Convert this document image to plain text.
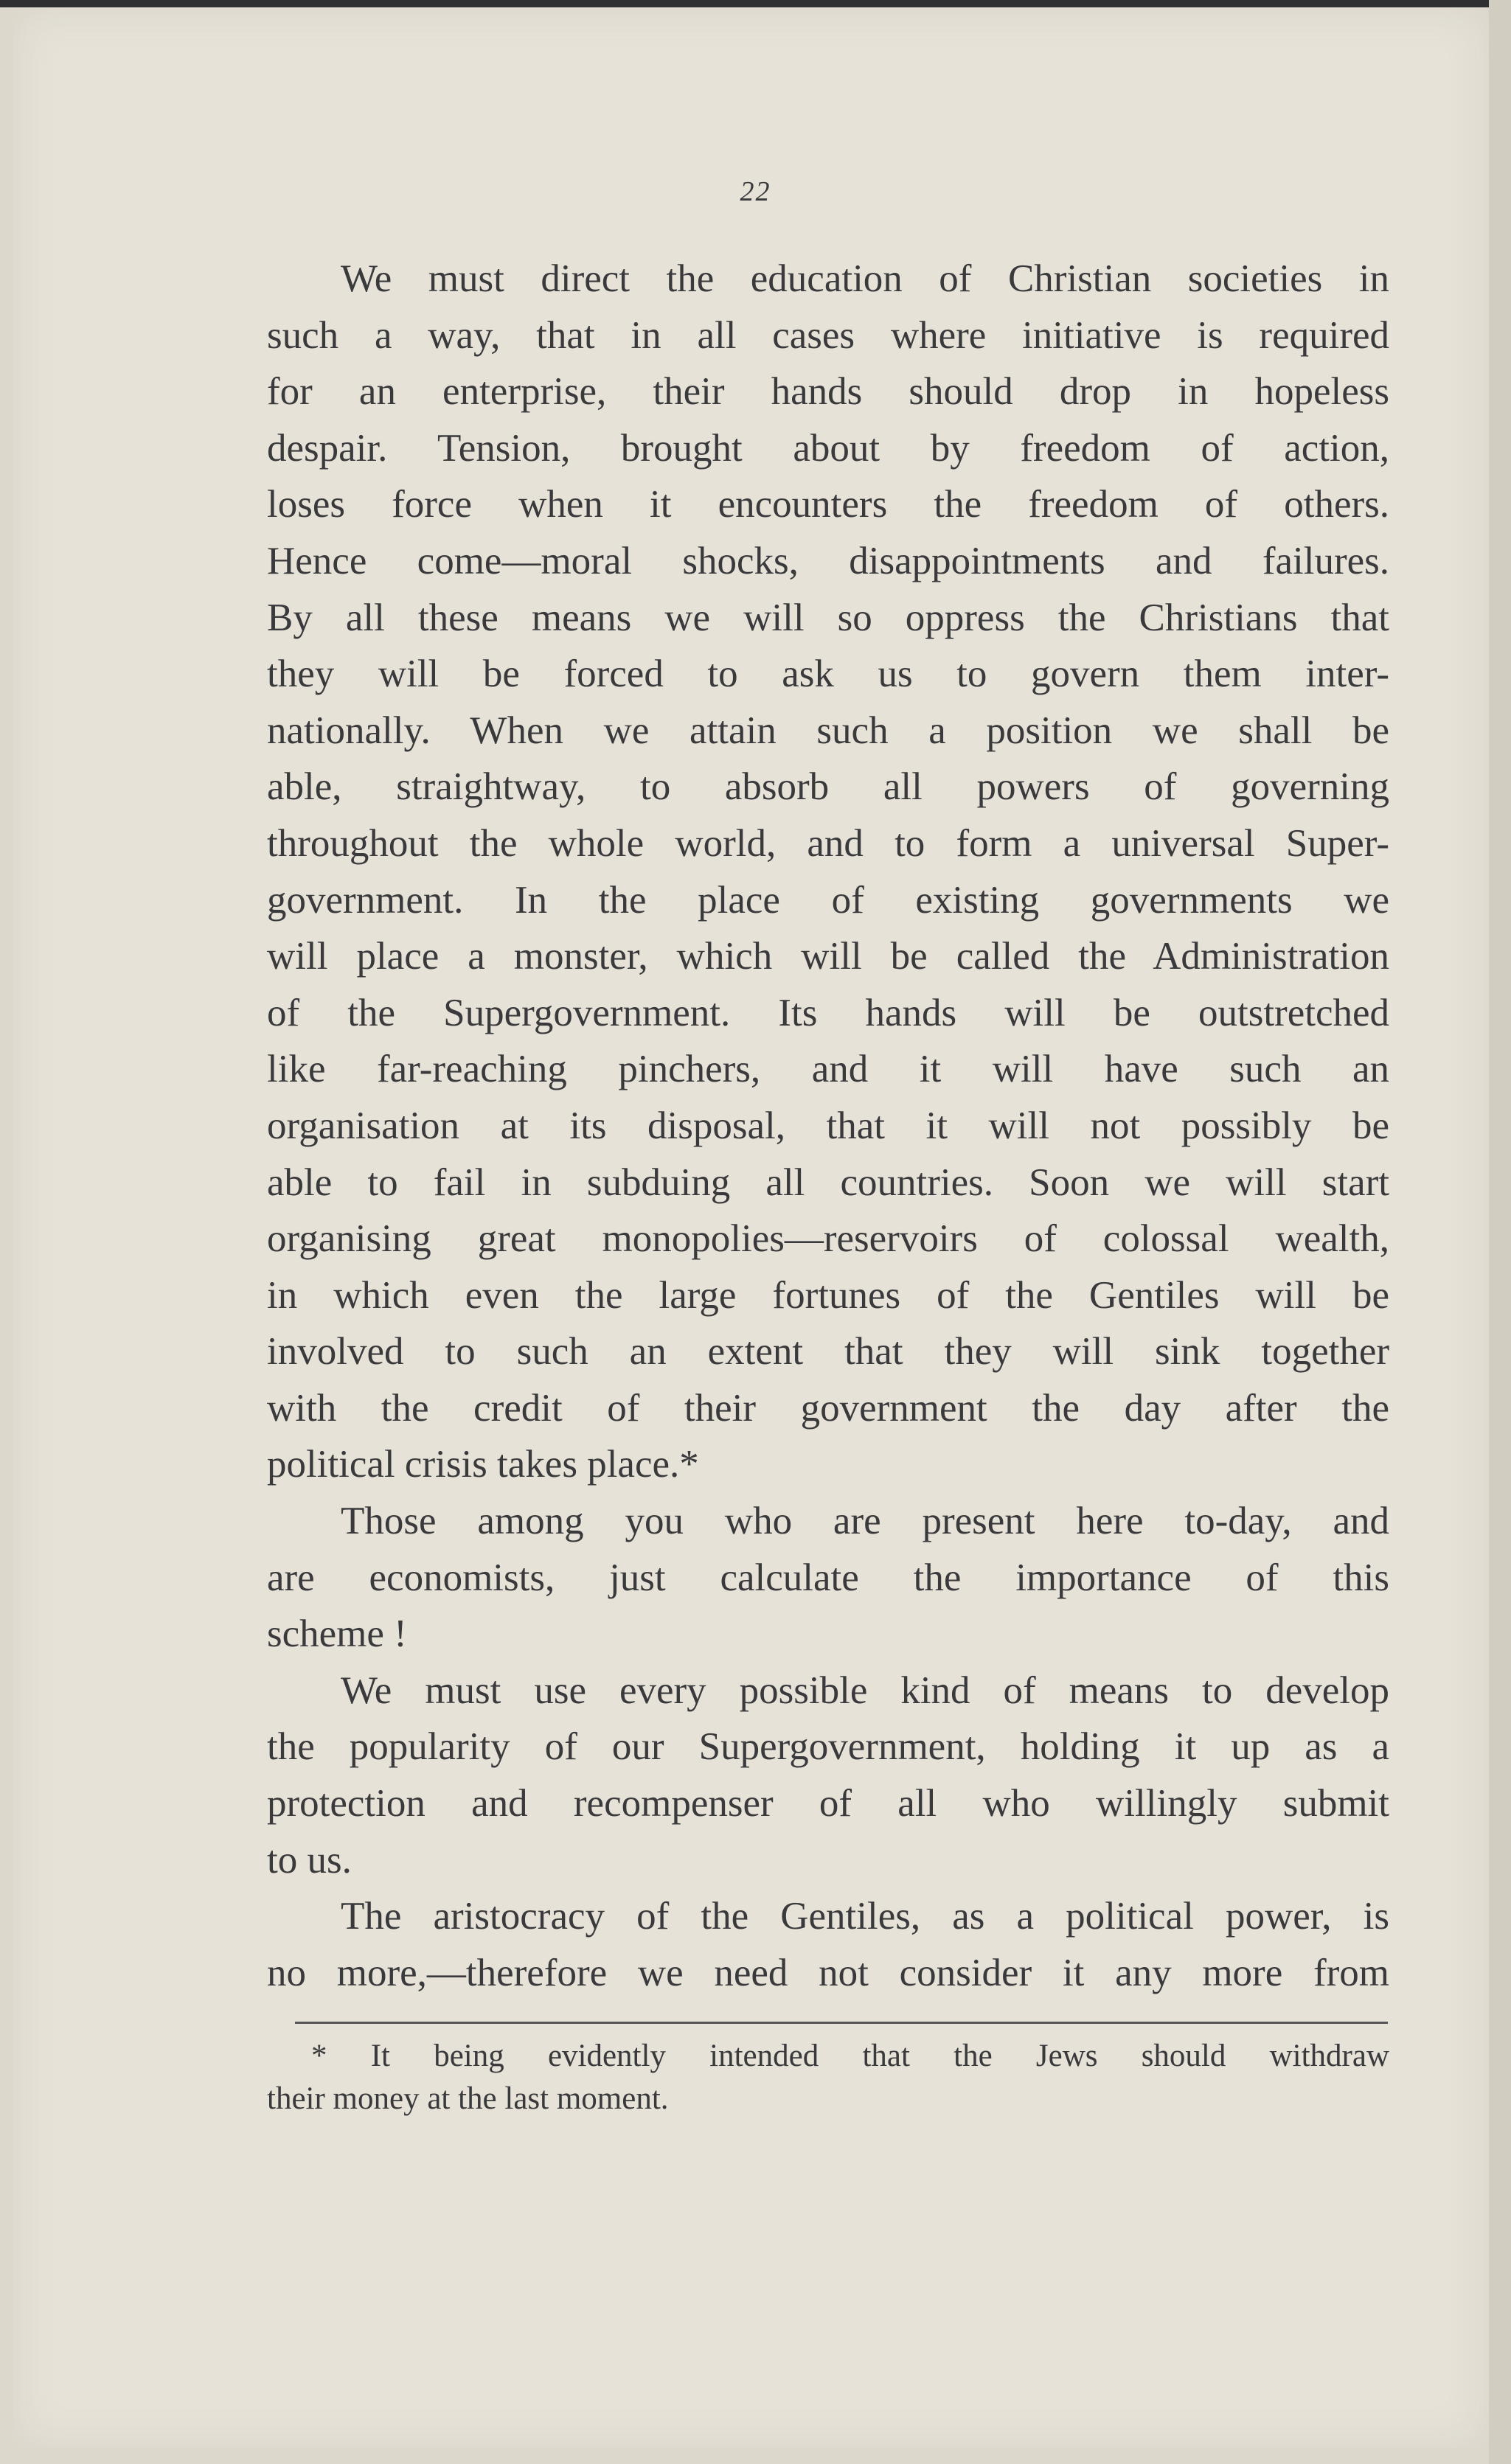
22
We must direct the education of Christian societies in
such a way, that in all cases where initiative is required
for an enterprise, their hands should drop in hopeless
despair. Tension, brought about by freedom of action,
loses force when it encounters the freedom of others.
Hence come—moral shocks, disappointments and failures.
By all these means we will so oppress the Christians that
they will be forced to ask us to govern them inter-
nationally. When we attain such a position we shall be
able, straightway, to absorb all powers of governing
throughout the whole world, and to form a universal Super-
government. In the place of existing governments we
will place a monster, which will be called the Administration
of the Supergovernment. Its hands will be outstretched
like far-reaching pinchers, and it will have such an
organisation at its disposal, that it will not possibly be
able to fail in subduing all countries. Soon we will start
organising great monopolies—reservoirs of colossal wealth,
in which even the large fortunes of the Gentiles will be
involved to such an extent that they will sink together
with the credit of their government the day after the
political crisis takes place.*
Those among you who are present here to-day, and
are economists, just calculate the importance of this
scheme !
We must use every possible kind of means to develop
the popularity of our Supergovernment, holding it up as a
protection and recompenser of all who willingly submit
to us.
The aristocracy of the Gentiles, as a political power, is
no more,—therefore we need not consider it any more from
* It being evidently intended that the Jews should withdraw
their money at the last moment.
